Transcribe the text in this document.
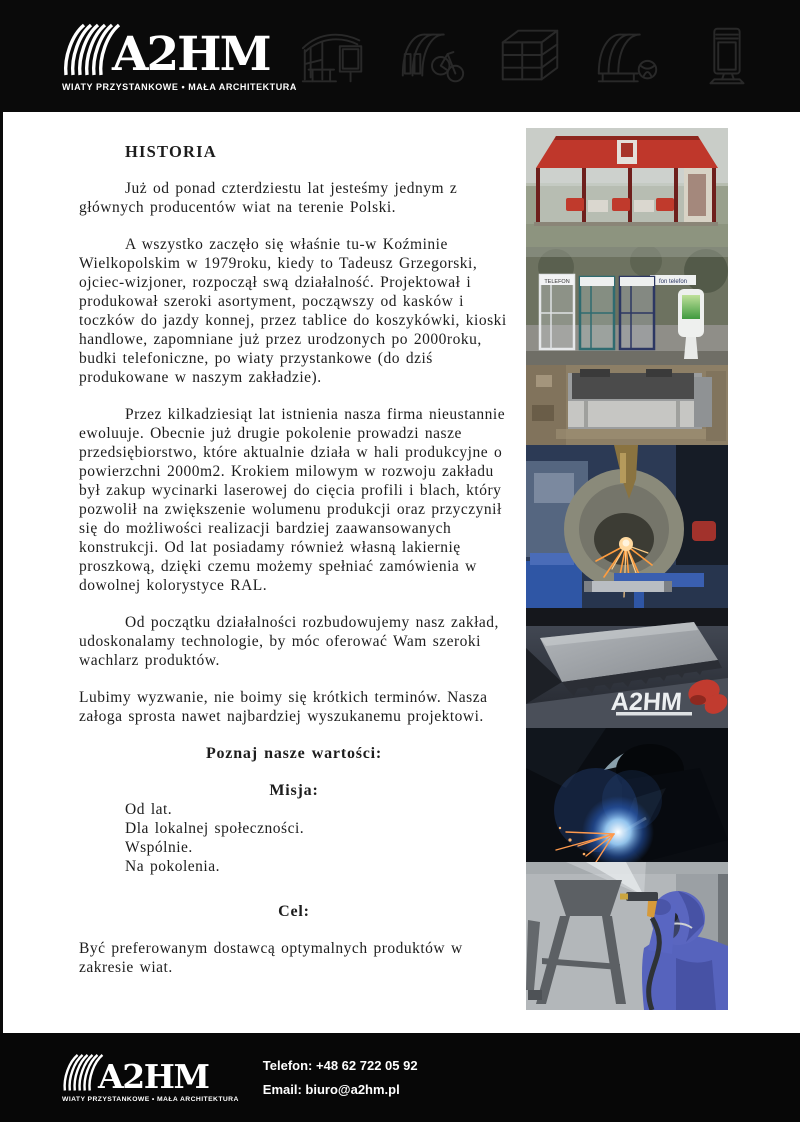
A2HM
WIATY PRZYSTANKOWE • MAŁA ARCHITEKTURA
HISTORIA

Już od ponad czterdziestu lat jesteśmy jednym z głównych producentów wiat na terenie Polski.

A wszystko zaczęło się właśnie tu-w Koźminie Wielkopolskim w 1979roku, kiedy to Tadeusz Grzegorski, ojciec-wizjoner, rozpoczął swą działalność. Projektował i produkował szeroki asortyment, począwszy od kasków i toczków do jazdy konnej, przez tablice do koszykówki, kioski handlowe, zapomniane już przez urodzonych po 2000roku, budki telefoniczne, po wiaty przystankowe (do dziś produkowane w naszym zakładzie).

Przez kilkadziesiąt lat istnienia nasza firma nieustannie ewoluuje. Obecnie już drugie pokolenie prowadzi nasze przedsiębiorstwo, które aktualnie działa w hali produkcyjne o powierzchni 2000m2. Krokiem milowym w rozwoju zakładu był zakup wycinarki laserowej do cięcia profili i blach, który pozwolił na zwiększenie wolumenu produkcji oraz przyczynił się do możliwości realizacji bardziej zaawansowanych konstrukcji. Od lat posiadamy również własną lakiernię proszkową, dzięki czemu możemy spełniać zamówienia w dowolnej kolorystyce RAL.

Od początku działalności rozbudowujemy nasz zakład, udoskonalamy technologie, by móc oferować Wam szeroki wachlarz produktów.

Lubimy wyzwanie, nie boimy się krótkich terminów. Nasza załoga sprosta nawet najbardziej wyszukanemu projektowi.

Poznaj nasze wartości:
Misja:
Od lat.
Dla lokalnej społeczności.
Wspólnie.
Na pokolenia.
Cel:

Być preferowanym dostawcą optymalnych produktów w zakresie wiat.

fon telefon
TELEFON
A2HM
A2HM
WIATY PRZYSTANKOWE • MAŁA ARCHITEKTURA

Telefon: +48 62 722 05 92

Email: biuro@a2hm.pl
